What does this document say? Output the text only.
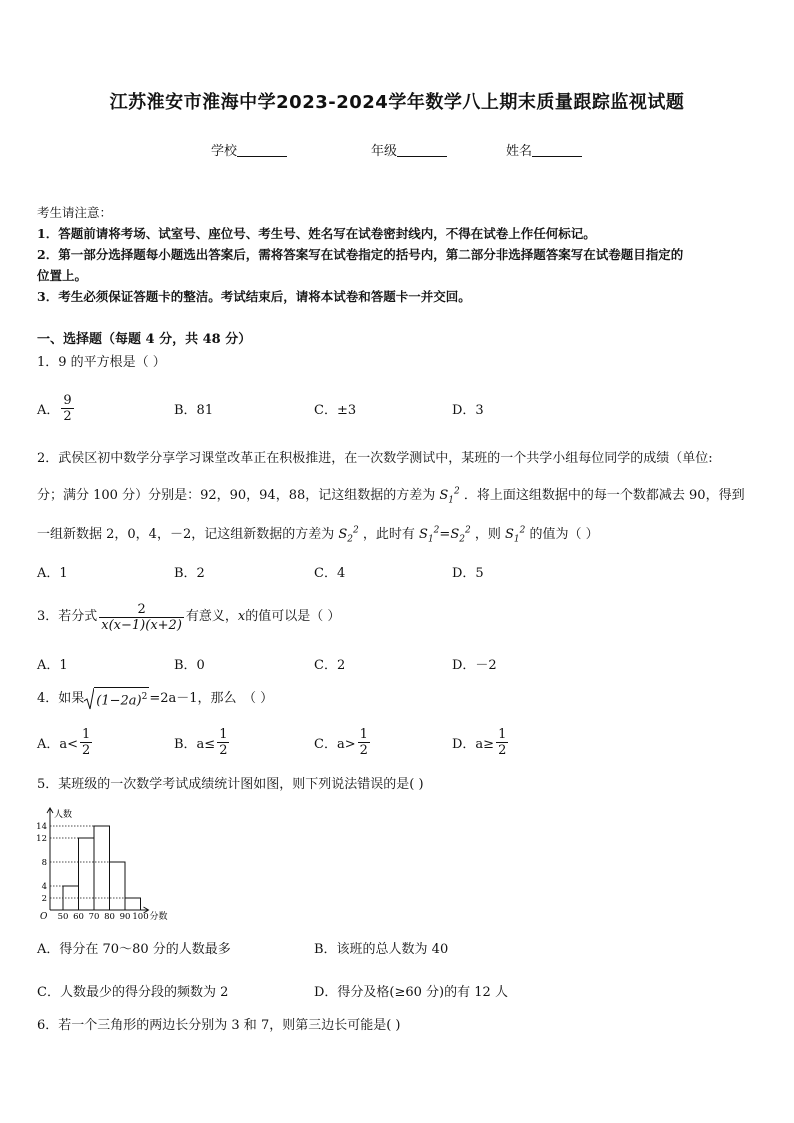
江苏淮安市淮海中学2023-2024学年数学八上期末质量跟踪监视试题
学校	年级	姓名
考生请注意：
1．答题前请将考场、试室号、座位号、考生号、姓名写在试卷密封线内，不得在试卷上作任何标记。
2．第一部分选择题每小题选出答案后，需将答案写在试卷指定的括号内，第二部分非选择题答案写在试卷题目指定的
位置上。
3．考生必须保证答题卡的整洁。考试结束后，请将本试卷和答题卡一并交回。
一、选择题（每题 4 分，共 48 分）
1．9 的平方根是（ ）
A． $\frac{9}{2}$	B．81	C．±3	D．3
2．武侯区初中数学分享学习课堂改革正在积极推进，在一次数学测试中，某班的一个共学小组每位同学的成绩（单位:
分；满分 100 分）分别是：92，90，94，88，记这组数据的方差为 $S_1^2$ ．将上面这组数据中的每一个数都减去 90，得到
一组新数据 2，0，4，－2，记这组新数据的方差为 $S_2^2$ ，此时有 $S_1^2=S_2^2$ ，则 $S_1^2$ 的值为（ ）
A．1	B．2	C．4	D．5
3．若分式 $\frac{2}{x(x-1)(x+2)}$ 有意义， x 的值可以是（ ）
A．1	B．0	C．2	D．－2
4．如果 $(1-2a)^2 =2a-1$，那么　（ ）
A．$a< \frac{1}{2}$	B．$a\le \frac{1}{2}$	C．$a> \frac{1}{2}$	D．$a\ge \frac{1}{2}$
5．某班级的一次数学考试成绩统计图如图，则下列说法错误的是( )
人数
分数
O
2
4
8
12
14
50 60 70 80 90 100
A．得分在 70～80 分的人数最多	B．该班的总人数为 40
C．人数最少的得分段的频数为 2	D．得分及格(≥60 分)的有 12 人
6．若一个三角形的两边长分别为 3 和 7，则第三边长可能是( )
